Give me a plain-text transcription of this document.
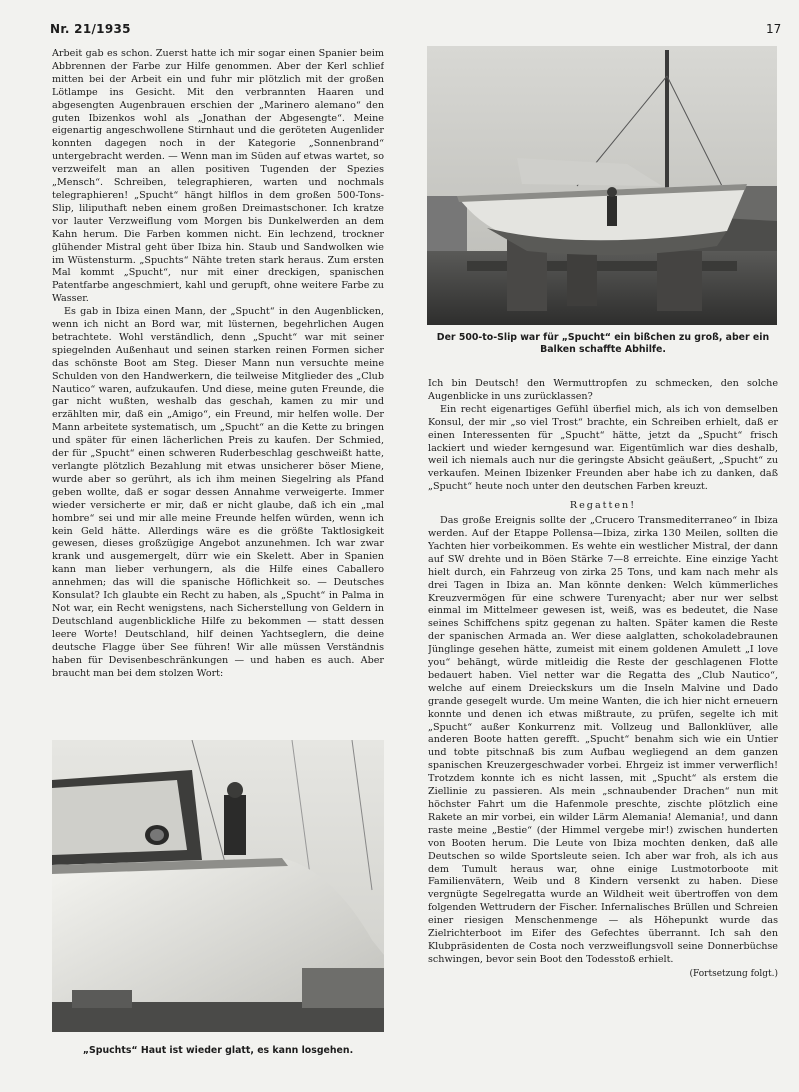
Nr. 21/1935	17

Arbeit gab es schon. Zuerst hatte ich mir sogar einen Spanier beim Abbrennen der Farbe zur Hilfe genommen. Aber der Kerl schlief mitten bei der Arbeit ein und fuhr mir plötzlich mit der großen Lötlampe ins Gesicht. Mit den verbrannten Haaren und abgesengten Augenbrauen erschien der „Marinero alemano“ den guten Ibizenkos wohl als „Jonathan der Abgesengte“. Meine eigenartig angeschwollene Stirnhaut und die geröteten Augenlider konnten dagegen noch in der Kategorie „Sonnenbrand“ untergebracht werden. — Wenn man im Süden auf etwas wartet, so verzweifelt man an allen positiven Tugenden der Spezies „Mensch“. Schreiben, telegraphieren, warten und nochmals telegraphieren! „Spucht“ hängt hilflos in dem großen 500-Tons-Slip, liliputhaft neben einem großen Dreimastschoner. Ich kratze vor lauter Verzweiflung vom Morgen bis Dunkelwerden an dem Kahn herum. Die Farben kommen nicht. Ein lechzend, trockner glühender Mistral geht über Ibiza hin. Staub und Sandwolken wie im Wüstensturm. „Spuchts“ Nähte treten stark heraus. Zum ersten Mal kommt „Spucht“, nur mit einer dreckigen, spanischen Patentfarbe angeschmiert, kahl und gerupft, ohne weitere Farbe zu Wasser.

Es gab in Ibiza einen Mann, der „Spucht“ in den Augenblicken, wenn ich nicht an Bord war, mit lüsternen, begehrlichen Augen betrachtete. Wohl verständlich, denn „Spucht“ war mit seiner spiegelnden Außenhaut und seinen starken reinen Formen sicher das schönste Boot am Steg. Dieser Mann nun versuchte meine Schulden von den Handwerkern, die teilweise Mitglieder des „Club Nautico“ waren, aufzukaufen. Und diese, meine guten Freunde, die gar nicht wußten, weshalb das geschah, kamen zu mir und erzählten mir, daß ein „Amigo“, ein Freund, mir helfen wolle. Der Mann arbeitete systematisch, um „Spucht“ an die Kette zu bringen und später für einen lächerlichen Preis zu kaufen. Der Schmied, der für „Spucht“ einen schweren Ruderbeschlag geschweißt hatte, verlangte plötzlich Bezahlung mit etwas unsicherer böser Miene, wurde aber so gerührt, als ich ihm meinen Siegelring als Pfand geben wollte, daß er sogar dessen Annahme verweigerte. Immer wieder versicherte er mir, daß er nicht glaube, daß ich ein „mal hombre“ sei und mir alle meine Freunde helfen würden, wenn ich kein Geld hätte. Allerdings wäre es die größte Taktlosigkeit gewesen, dieses großzügige Angebot anzunehmen. Ich war zwar krank und ausgemergelt, dürr wie ein Skelett. Aber in Spanien kann man lieber verhungern, als die Hilfe eines Caballero annehmen; das will die spanische Höflichkeit so. — Deutsches Konsulat? Ich glaubte ein Recht zu haben, als „Spucht“ in Palma in Not war, ein Recht wenigstens, nach Sicherstellung von Geldern in Deutschland augenblickliche Hilfe zu bekommen — statt dessen leere Worte! Deutschland, hilf deinen Yachtseglern, die deine deutsche Flagge über See führen! Wir alle müssen Verständnis haben für Devisenbeschränkungen — und haben es auch. Aber braucht man bei dem stolzen Wort:

Der 500-to-Slip war für „Spucht“ ein bißchen zu groß, aber ein Balken schaffte Abhilfe.

Ich bin Deutsch! den Wermuttropfen zu schmecken, den solche Augenblicke in uns zurücklassen?

Ein recht eigenartiges Gefühl überfiel mich, als ich von demselben Konsul, der mir „so viel Trost“ brachte, ein Schreiben erhielt, daß er einen Interessenten für „Spucht“ hätte, jetzt da „Spucht“ frisch lackiert und wieder kerngesund war. Eigentümlich war dies deshalb, weil ich niemals auch nur die geringste Absicht geäußert, „Spucht“ zu verkaufen. Meinen Ibizenker Freunden aber habe ich zu danken, daß „Spucht“ heute noch unter den deutschen Farben kreuzt.

Regatten!

Das große Ereignis sollte der „Crucero Transmediterraneo“ in Ibiza werden. Auf der Etappe Pollensa—Ibiza, zirka 130 Meilen, sollten die Yachten hier vorbeikommen. Es wehte ein westlicher Mistral, der dann auf SW drehte und in Böen Stärke 7—8 erreichte. Eine einzige Yacht hielt durch, ein Fahrzeug von zirka 25 Tons, und kam nach mehr als drei Tagen in Ibiza an. Man könnte denken: Welch kümmerliches Kreuzvermögen für eine schwere Turenyacht; aber nur wer selbst einmal im Mittelmeer gewesen ist, weiß, was es bedeutet, die Nase seines Schiffchens spitz gegenan zu halten. Später kamen die Reste der spanischen Armada an. Wer diese aalglatten, schokoladebraunen Jünglinge gesehen hätte, zumeist mit einem goldenen Amulett „I love you“ behängt, würde mitleidig die Reste der geschlagenen Flotte bedauert haben. Viel netter war die Regatta des „Club Nautico“, welche auf einem Dreieckskurs um die Inseln Malvine und Dado grande gesegelt wurde. Um meine Wanten, die ich hier nicht erneuern konnte und denen ich etwas mißtraute, zu prüfen, segelte ich mit „Spucht“ außer Konkurrenz mit. Vollzeug und Ballonklüver, alle anderen Boote hatten gerefft. „Spucht“ benahm sich wie ein Untier und tobte pitschnaß bis zum Aufbau wegliegend an dem ganzen spanischen Kreuzergeschwader vorbei. Ehrgeiz ist immer verwerflich! Trotzdem konnte ich es nicht lassen, mit „Spucht“ als erstem die Ziellinie zu passieren. Als mein „schnaubender Drachen“ nun mit höchster Fahrt um die Hafenmole preschte, zischte plötzlich eine Rakete an mir vorbei, ein wilder Lärm Alemania! Alemania!, und dann raste meine „Bestie“ (der Himmel vergebe mir!) zwischen hunderten von Booten herum. Die Leute von Ibiza mochten denken, daß alle Deutschen so wilde Sportsleute seien. Ich aber war froh, als ich aus dem Tumult heraus war, ohne einige Lustmotorboote mit Familienvätern, Weib und 8 Kindern versenkt zu haben. Diese vergnügte Segelregatta wurde an Wildheit weit übertroffen von dem folgenden Wettrudern der Fischer. Infernalisches Brüllen und Schreien einer riesigen Menschenmenge — als Höhepunkt wurde das Zielrichterboot im Eifer des Gefechtes überrannt. Ich sah den Klubpräsidenten de Costa noch verzweiflungsvoll seine Donnerbüchse schwingen, bevor sein Boot den Todesstoß erhielt.

(Fortsetzung folgt.)
„Spuchts“ Haut ist wieder glatt, es kann losgehen.
